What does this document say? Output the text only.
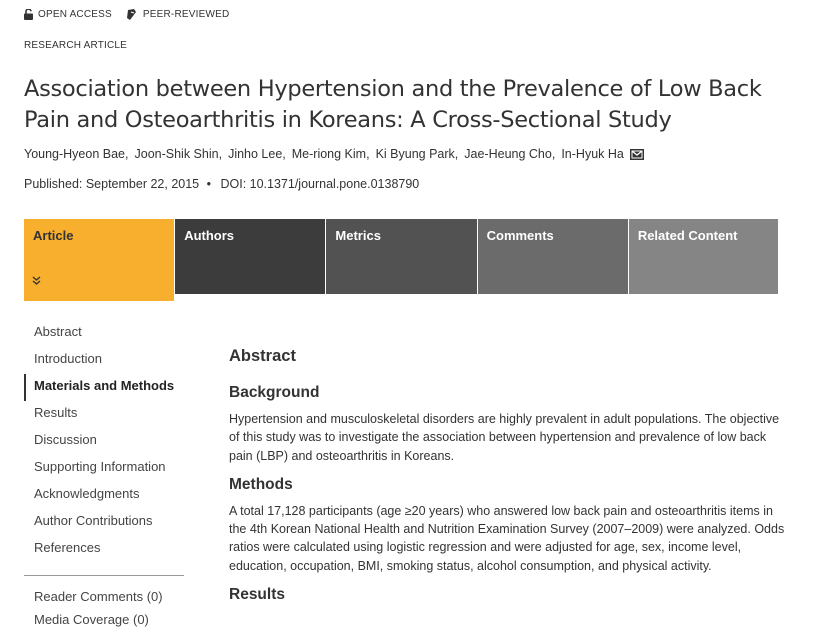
OPEN ACCESS	PEER-REVIEWED
RESEARCH ARTICLE
Association between Hypertension and the Prevalence of Low Back
Pain and Osteoarthritis in Koreans: A Cross-Sectional Study
Young-Hyeon Bae , Joon-Shik Shin , Jinho Lee , Me-riong Kim , Ki Byung Park , Jae-Heung Cho , In-Hyuk Ha
Published: September 22, 2015 • DOI: 10.1371/journal.pone.0138790
Article	Authors	Metrics	Comments	Related Content
Abstract
Introduction
Materials and Methods
Results
Discussion
Supporting Information
Acknowledgments
Author Contributions
References
Reader Comments (0)
Media Coverage (0)
Abstract
Background

Hypertension and musculoskeletal disorders are highly prevalent in adult populations. The objective of this study was to investigate the association between hypertension and prevalence of low back pain (LBP) and osteoarthritis in Koreans.

Methods

A total 17,128 participants (age ≥20 years) who answered low back pain and osteoarthritis items in the 4th Korean National Health and Nutrition Examination Survey (2007–2009) were analyzed. Odds ratios were calculated using logistic regression and were adjusted for age, sex, income level, education, occupation, BMI, smoking status, alcohol consumption, and physical activity.

Results
